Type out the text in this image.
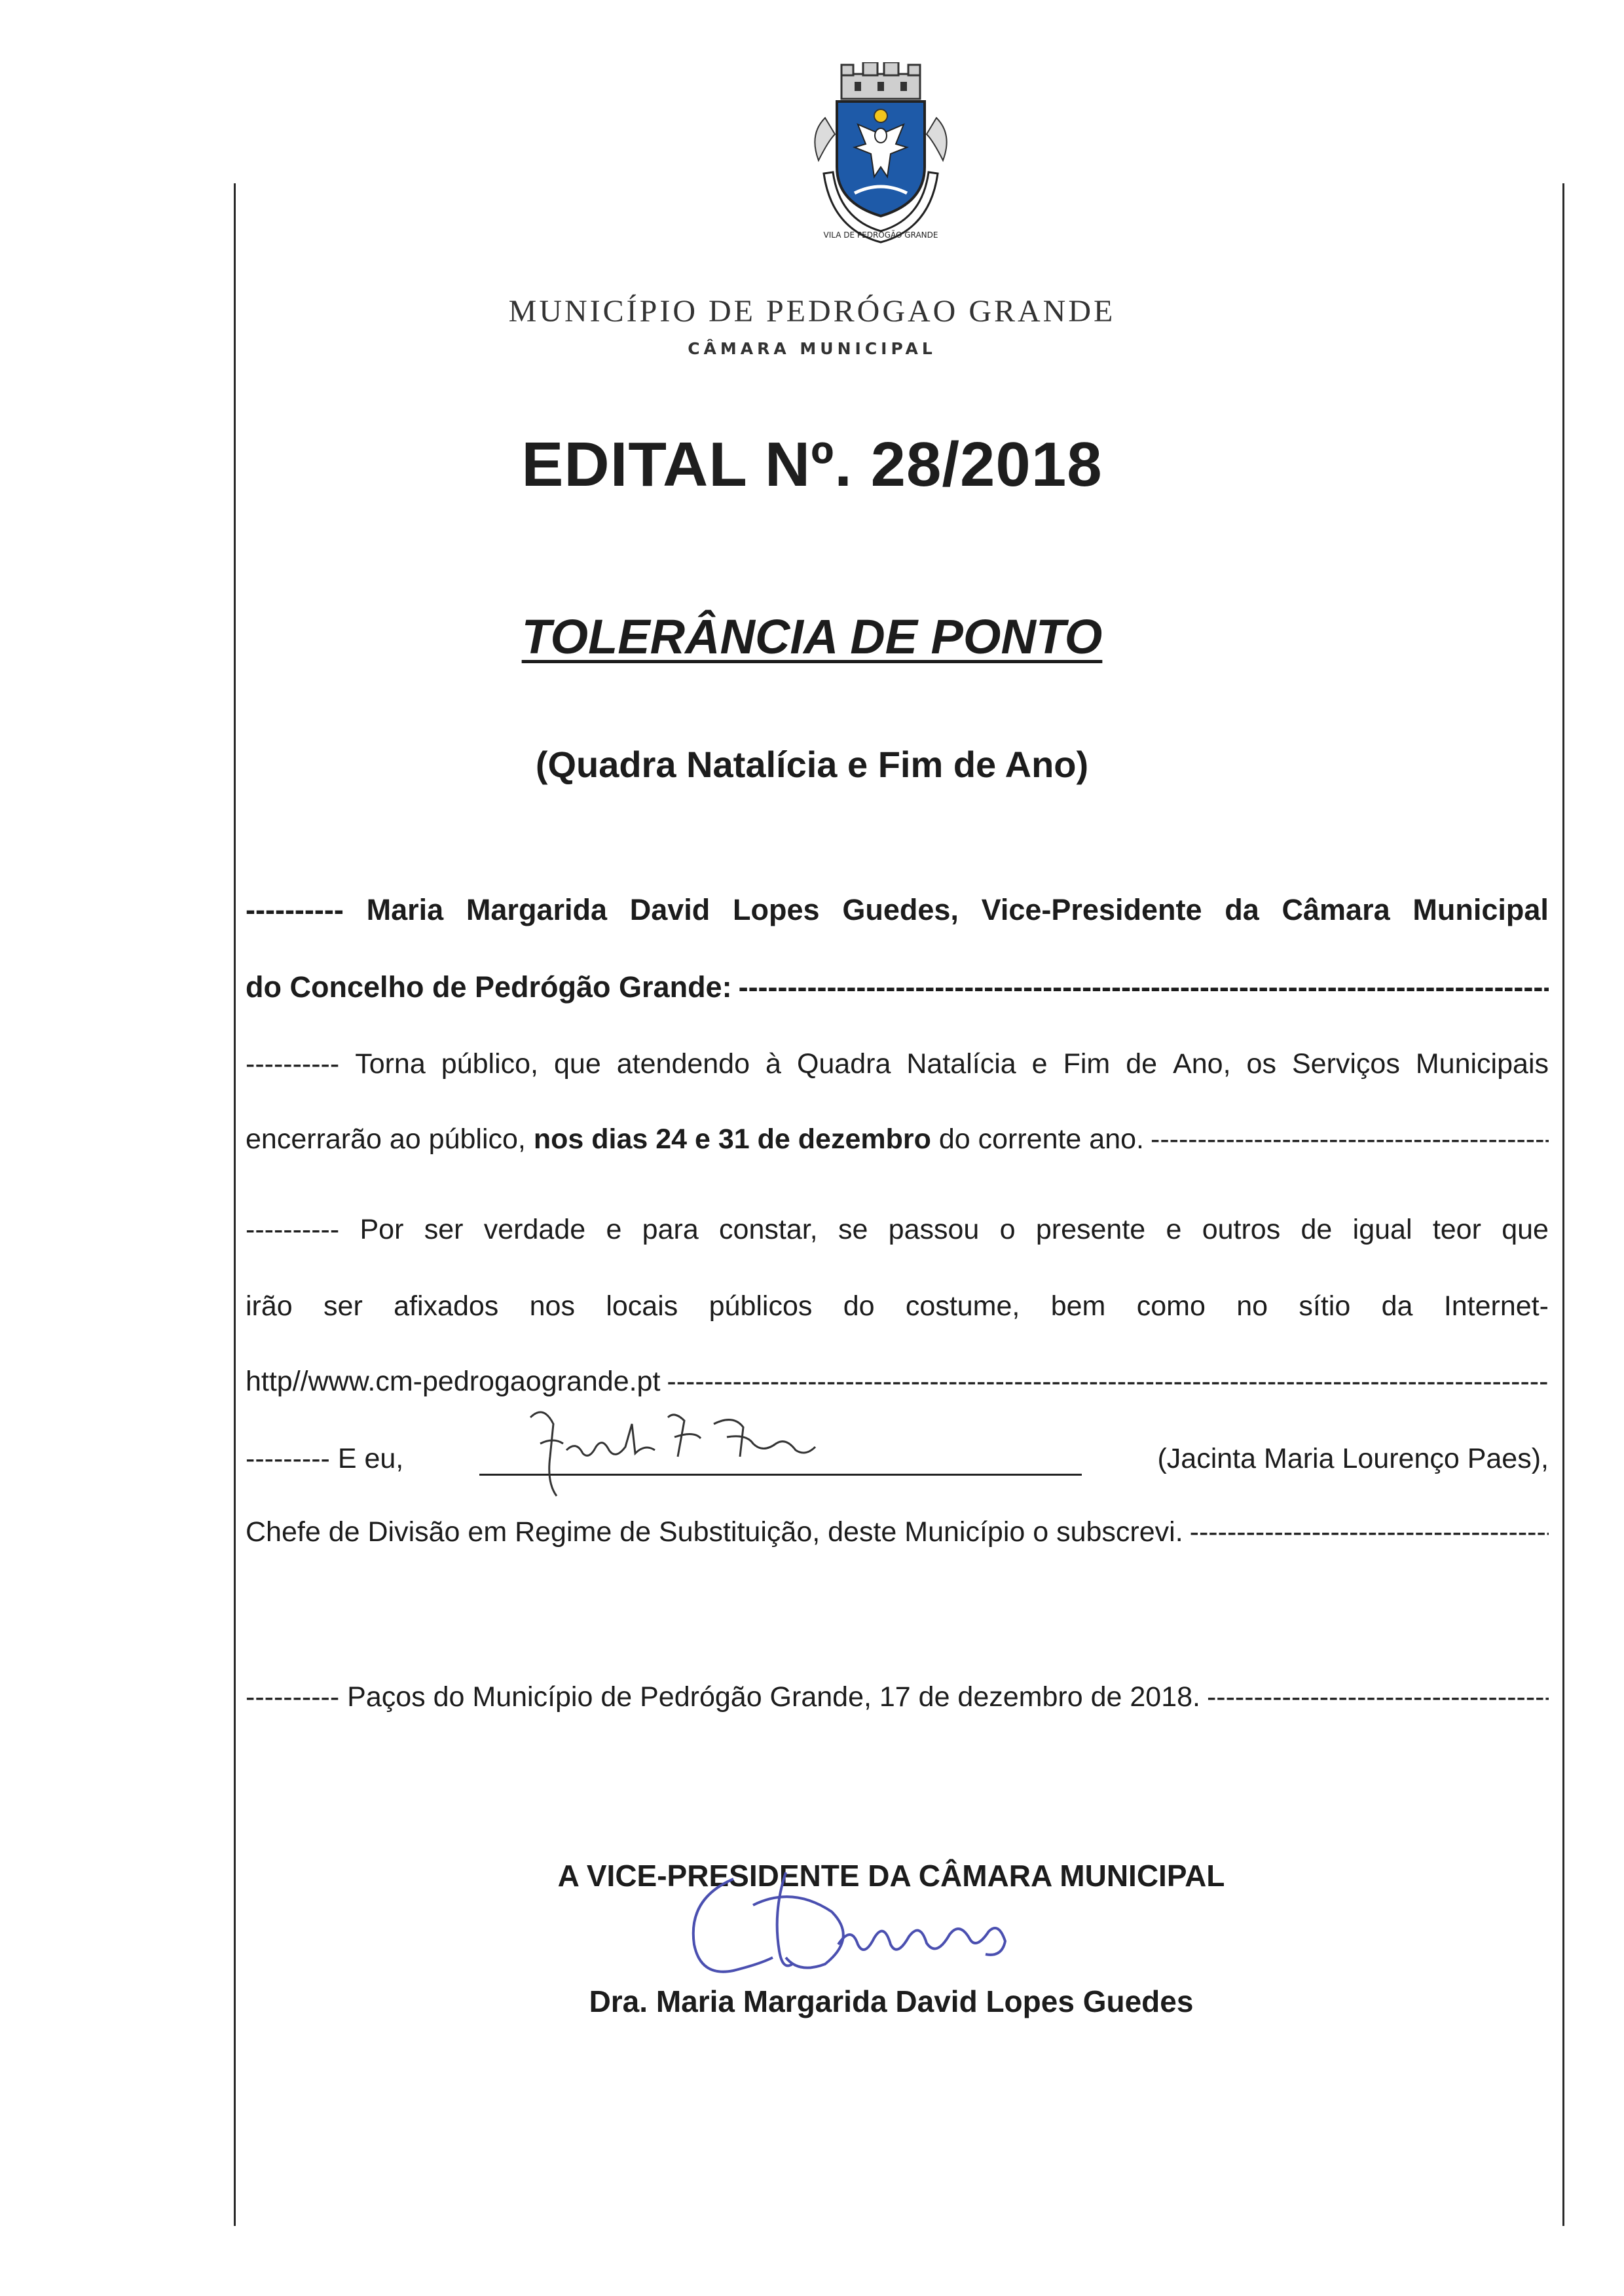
VILA DE PEDRÓGÃO GRANDE
MUNICÍPIO DE PEDRÓGAO GRANDE
CÂMARA MUNICIPAL
EDITAL Nº. 28/2018
TOLERÂNCIA DE PONTO
(Quadra Natalícia e Fim de Ano)
---------- Maria Margarida David Lopes Guedes, Vice-Presidente da Câmara Municipal
do Concelho de Pedrógão Grande:
-----
---------- Torna público, que atendendo à Quadra Natalícia e Fim de Ano, os Serviços Municipais
encerrarão ao público,
nos dias 24 e 31 de dezembro
do corrente ano.
-----
---------- Por ser verdade e para constar, se passou o presente e outros de igual teor que
irão ser afixados nos locais públicos do costume, bem como no sítio da Internet-
http//www.cm-pedrogaogrande.pt
-----
--------- E eu,	(Jacinta Maria Lourenço Paes),
Chefe de Divisão em Regime de Substituição, deste Município o subscrevi.
-----
---------- Paços do Município de Pedrógão Grande, 17 de dezembro de 2018.
-----
A VICE-PRESIDENTE DA CÂMARA MUNICIPAL
Dra. Maria Margarida David Lopes Guedes
